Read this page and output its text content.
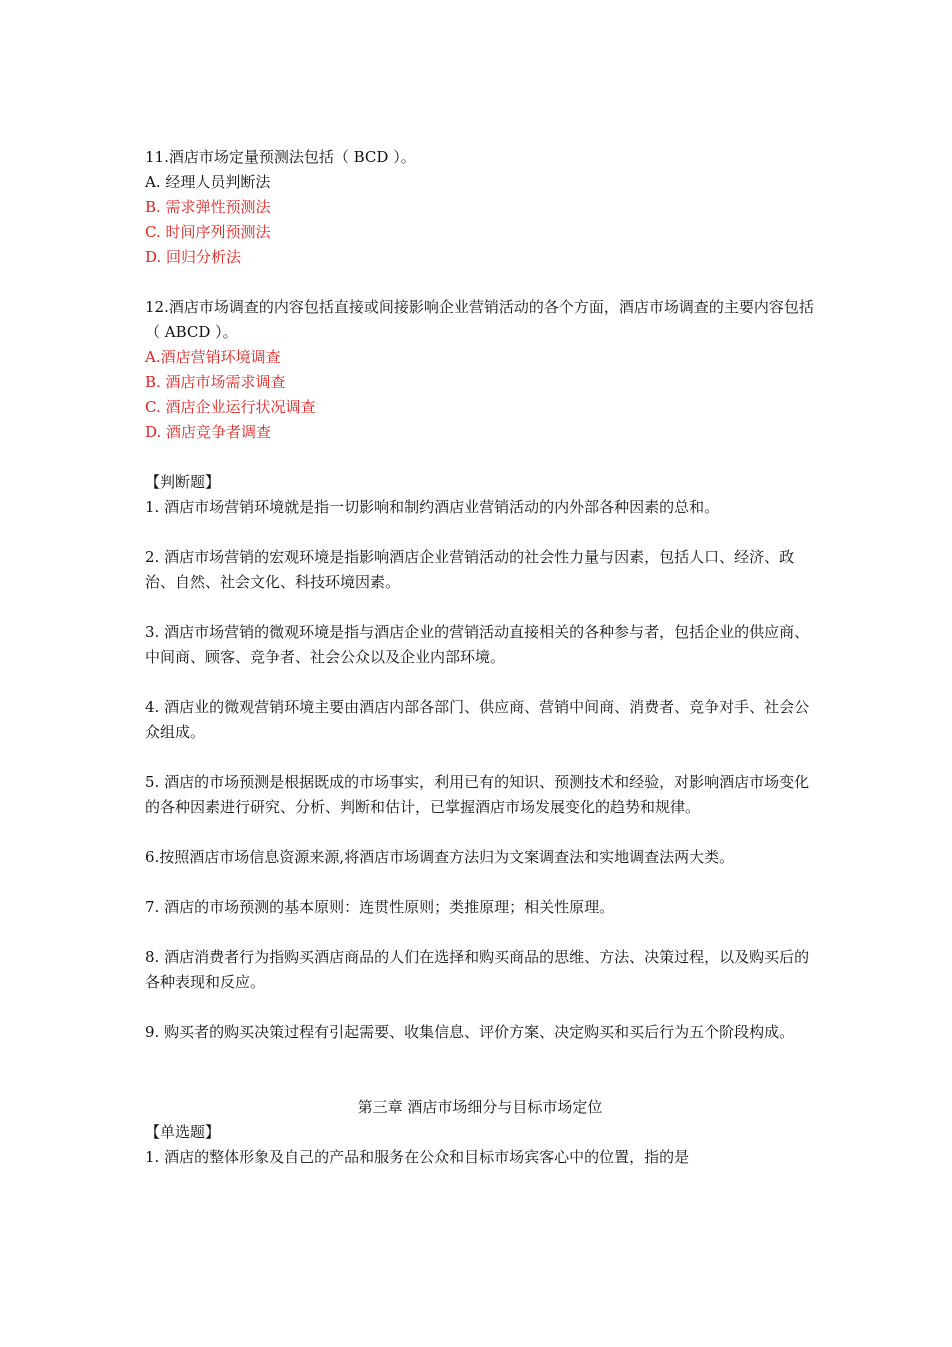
11.酒店市场定量预测法包括（ BCD ）。
A. 经理人员判断法
B. 需求弹性预测法
C. 时间序列预测法
D. 回归分析法
12.酒店市场调查的内容包括直接或间接影响企业营销活动的各个方面，酒店市场调查的主要内容包括（ ABCD ）。
A.酒店营销环境调查
B. 酒店市场需求调查
C. 酒店企业运行状况调查
D. 酒店竞争者调查
【判断题】
1. 酒店市场营销环境就是指一切影响和制约酒店业营销活动的内外部各种因素的总和。
2. 酒店市场营销的宏观环境是指影响酒店企业营销活动的社会性力量与因素，包括人口、经济、政治、自然、社会文化、科技环境因素。
3. 酒店市场营销的微观环境是指与酒店企业的营销活动直接相关的各种参与者，包括企业的供应商、中间商、顾客、竞争者、社会公众以及企业内部环境。
4. 酒店业的微观营销环境主要由酒店内部各部门、供应商、营销中间商、消费者、竞争对手、社会公众组成。
5. 酒店的市场预测是根据既成的市场事实，利用已有的知识、预测技术和经验，对影响酒店市场变化的各种因素进行研究、分析、判断和估计，已掌握酒店市场发展变化的趋势和规律。
6.按照酒店市场信息资源来源,将酒店市场调查方法归为文案调查法和实地调查法两大类。
7. 酒店的市场预测的基本原则：连贯性原则；类推原理；相关性原理。
8. 酒店消费者行为指购买酒店商品的人们在选择和购买商品的思维、方法、决策过程，以及购买后的各种表现和反应。
9. 购买者的购买决策过程有引起需要、收集信息、评价方案、决定购买和买后行为五个阶段构成。
第三章 酒店市场细分与目标市场定位
【单选题】
1. 酒店的整体形象及自己的产品和服务在公众和目标市场宾客心中的位置，指的是
